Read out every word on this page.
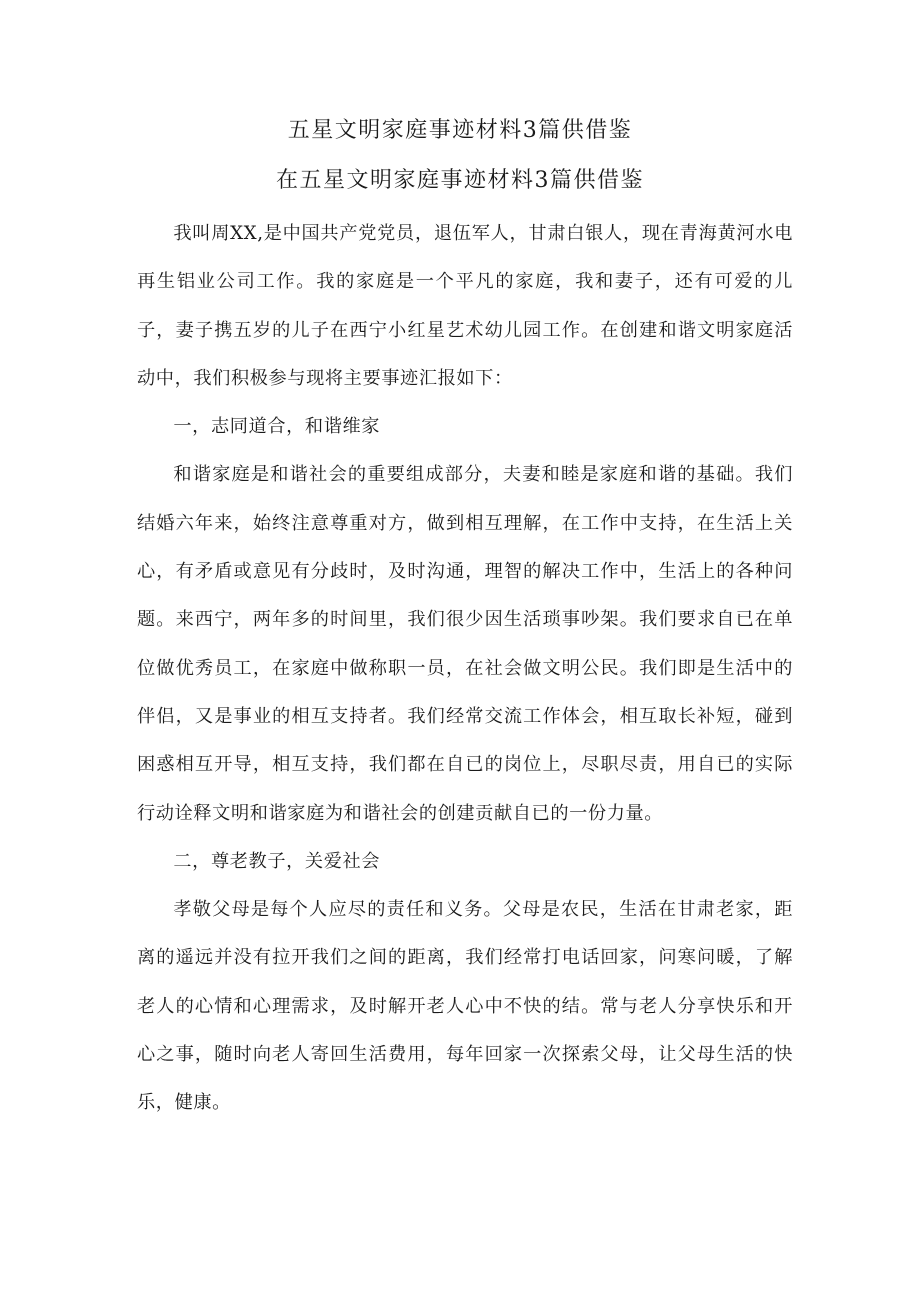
五星文明家庭事迹材料3篇供借鉴
在五星文明家庭事迹材料3篇供借鉴

我叫周XX,是中国共产党党员，退伍军人，甘肃白银人，现在青海黄河水电再生铝业公司工作。我的家庭是一个平凡的家庭，我和妻子，还有可爱的儿子，妻子携五岁的儿子在西宁小红星艺术幼儿园工作。在创建和谐文明家庭活动中，我们积极参与现将主要事迹汇报如下：

一，志同道合，和谐维家

和谐家庭是和谐社会的重要组成部分，夫妻和睦是家庭和谐的基础。我们结婚六年来，始终注意尊重对方，做到相互理解，在工作中支持，在生活上关心，有矛盾或意见有分歧时，及时沟通，理智的解决工作中，生活上的各种问题。来西宁，两年多的时间里，我们很少因生活琐事吵架。我们要求自已在单位做优秀员工，在家庭中做称职一员，在社会做文明公民。我们即是生活中的伴侣，又是事业的相互支持者。我们经常交流工作体会，相互取长补短，碰到困惑相互开导，相互支持，我们都在自已的岗位上，尽职尽责，用自已的实际行动诠释文明和谐家庭为和谐社会的创建贡献自已的一份力量。

二，尊老教子，关爱社会

孝敬父母是每个人应尽的责任和义务。父母是农民，生活在甘肃老家，距离的遥远并没有拉开我们之间的距离，我们经常打电话回家，问寒问暖，了解老人的心情和心理需求，及时解开老人心中不快的结。常与老人分享快乐和开心之事，随时向老人寄回生活费用，每年回家一次探索父母，让父母生活的快乐，健康。
